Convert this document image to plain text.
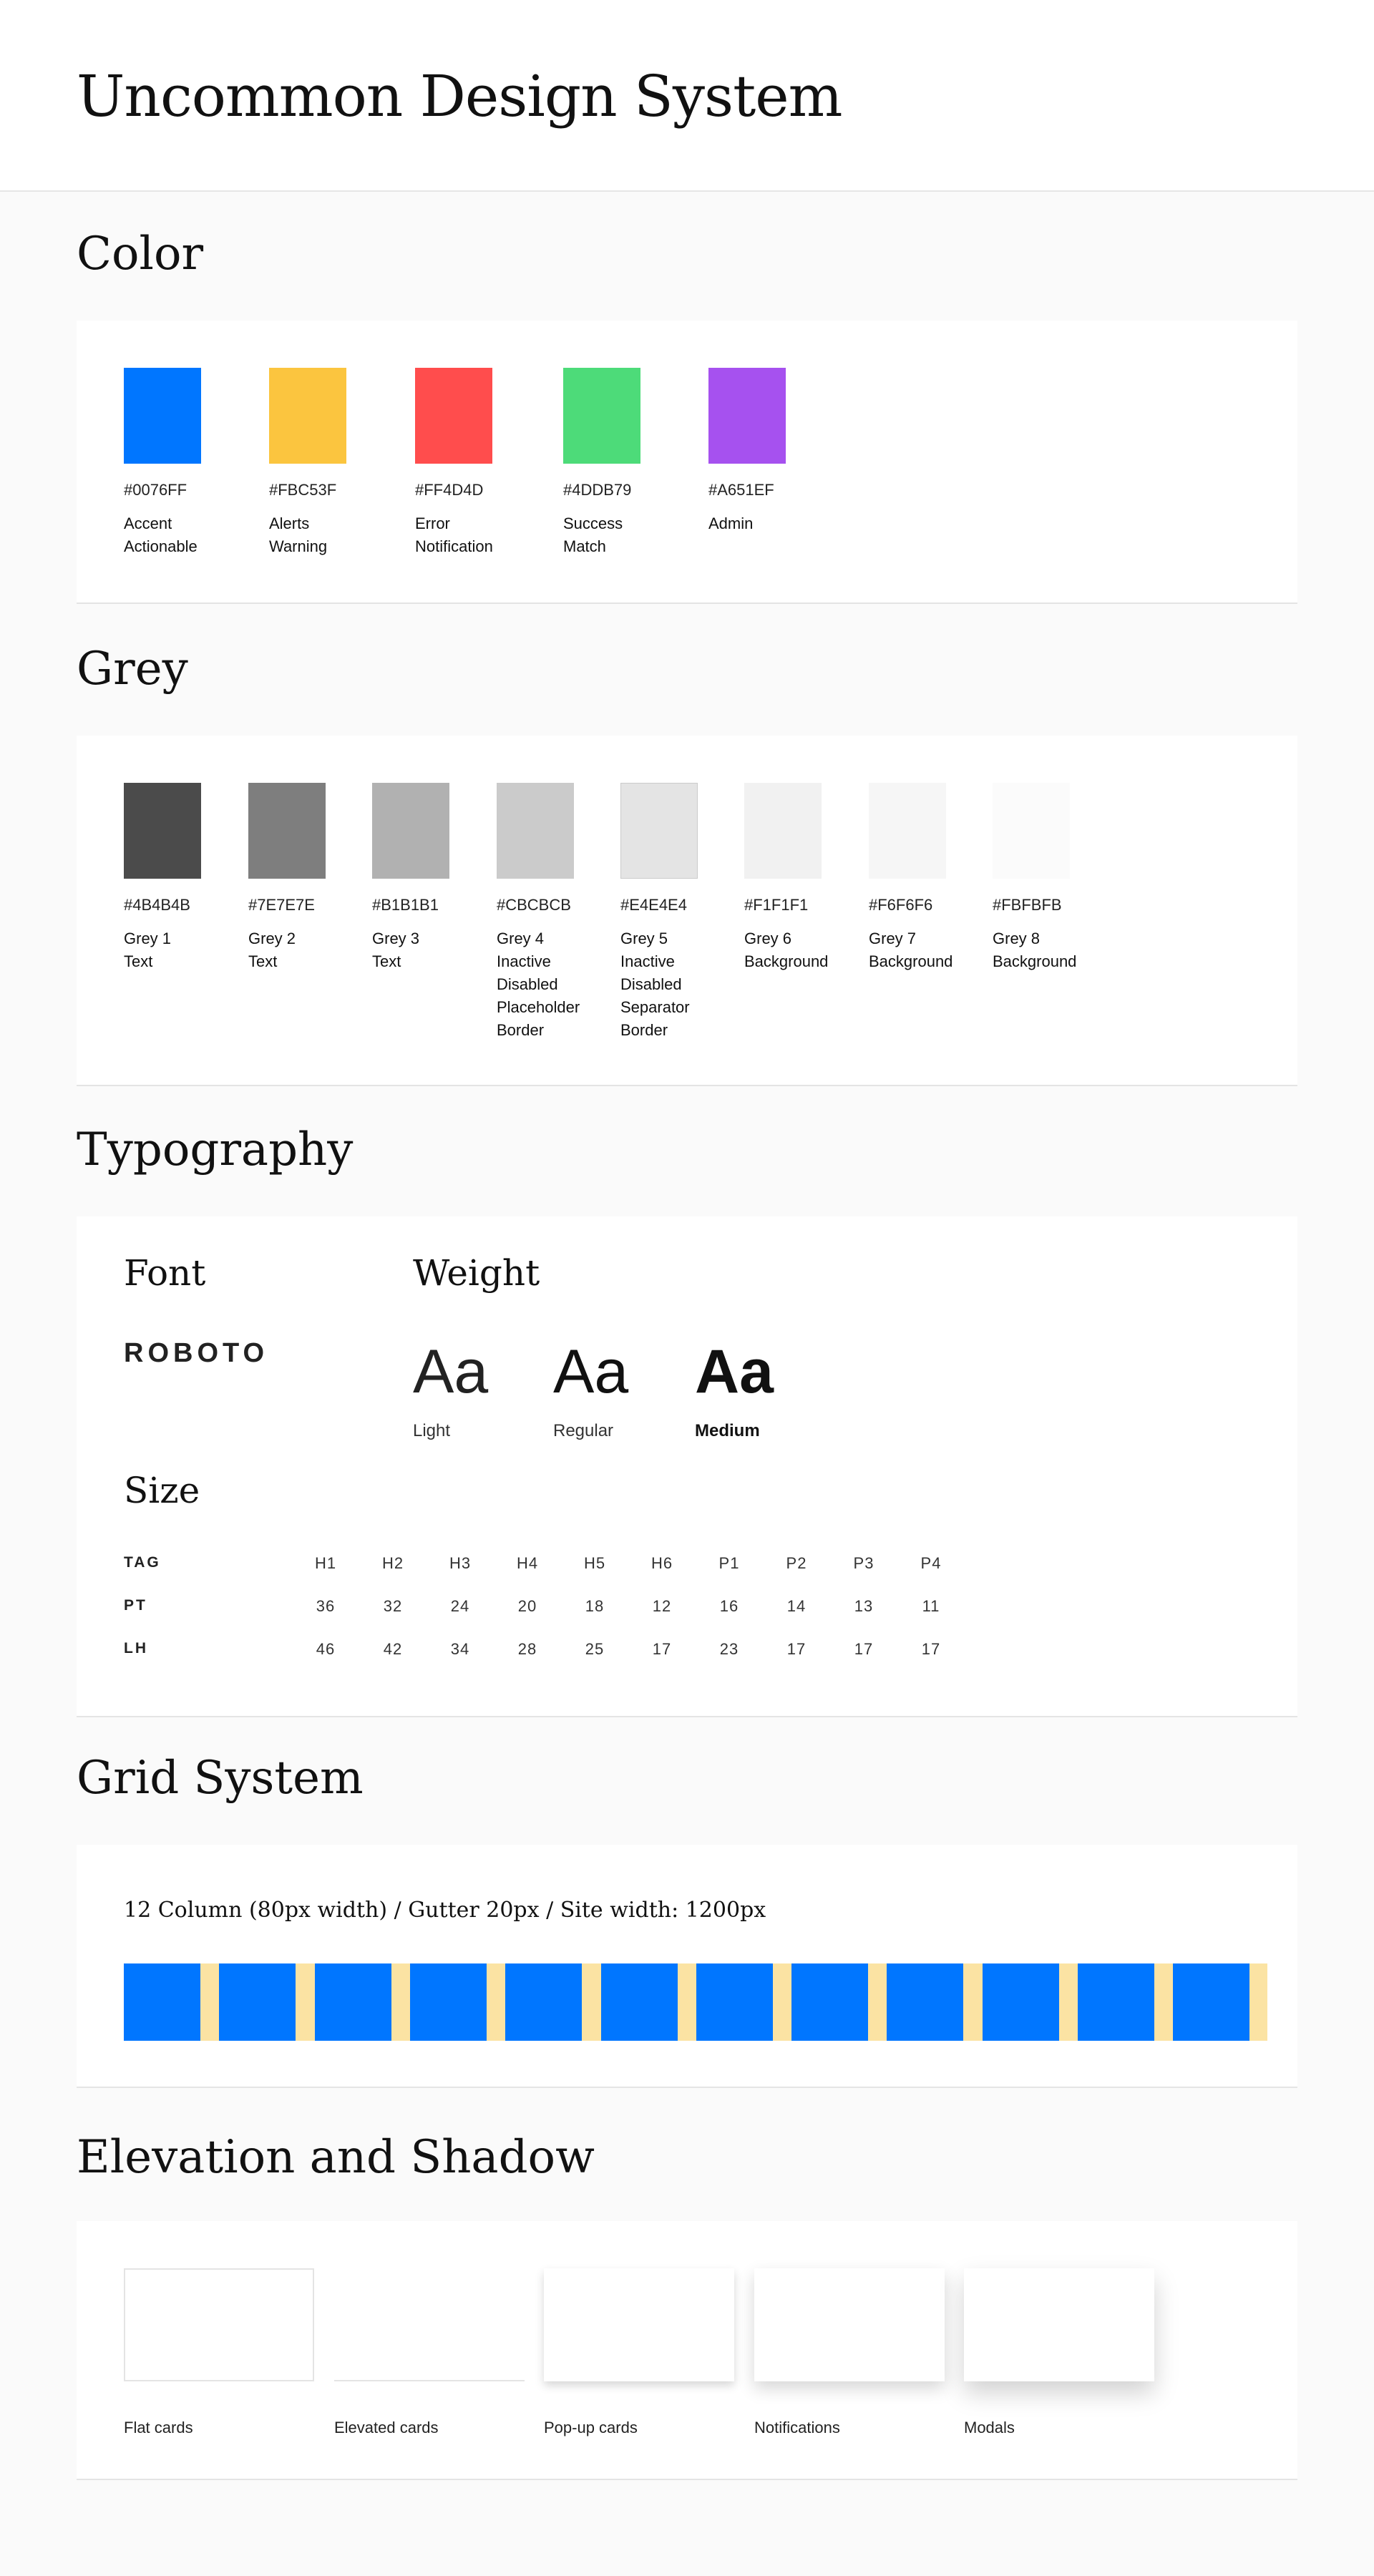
Uncommon Design System
Color
#0076FF
Accent
Actionable
#FBC53F
Alerts
Warning
#FF4D4D
Error
Notification
#4DDB79
Success
Match
#A651EF
Admin
Grey
#4B4B4B
Grey 1
Text
#7E7E7E
Grey 2
Text
#B1B1B1
Grey 3
Text
#CBCBCB
Grey 4
Inactive
Disabled
Placeholder
Border
#E4E4E4
Grey 5
Inactive
Disabled
Separator
Border
#F1F1F1
Grey 6
Background
#F6F6F6
Grey 7
Background
#FBFBFB
Grey 8
Background
Typography
Font
ROBOTO
Weight
Aa
Light
Aa
Regular
Aa
Medium
Size
TAG	H1	H2	H3	H4	H5	H6	P1	P2	P3	P4
PT	36	32	24	20	18	12	16	14	13	11
LH	46	42	34	28	25	17	23	17	17	17
Grid System
12 Column (80px width) / Gutter 20px / Site width: 1200px
Elevation and Shadow
Flat cards	Elevated cards	Pop-up cards	Notifications	Modals
